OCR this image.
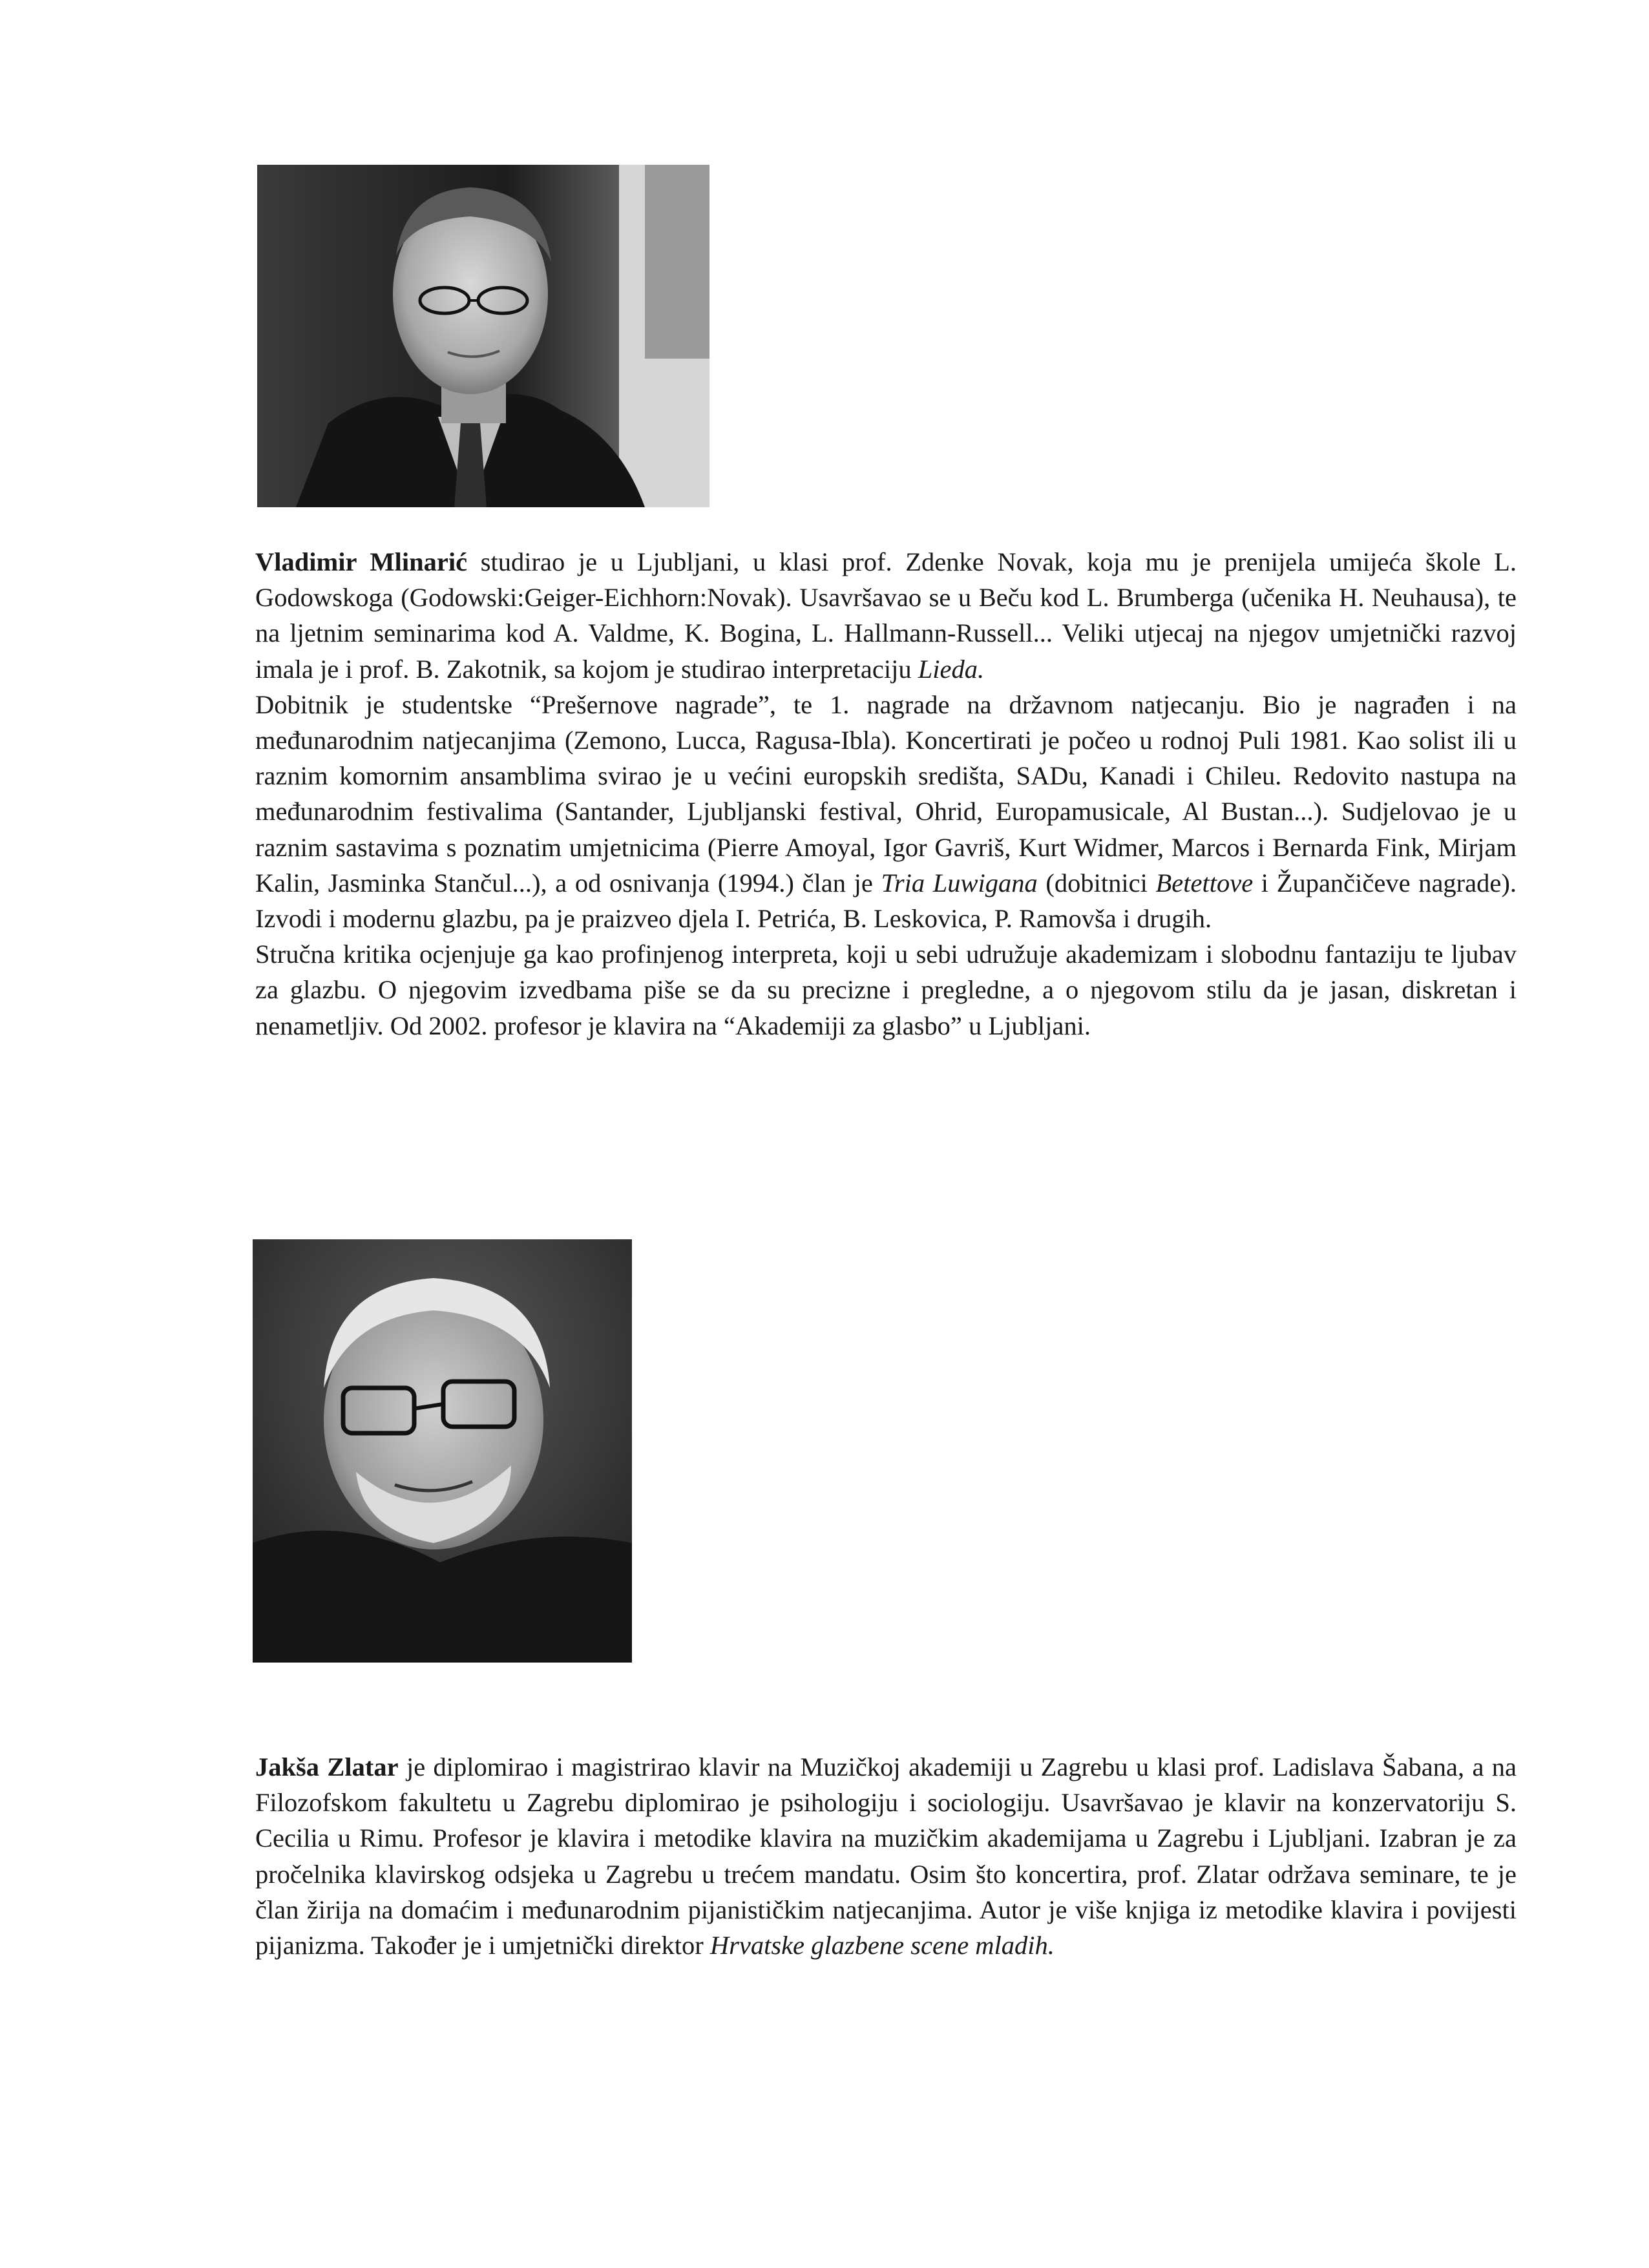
Vladimir Mlinarić studirao je u Ljubljani, u klasi prof. Zdenke Novak, koja mu je prenijela umijeća škole L. Godowskoga (Godowski:Geiger-Eichhorn:Novak). Usavršavao se u Beču kod L. Brumberga (učenika H. Neuhausa), te na ljetnim seminarima kod A. Valdme, K. Bogina, L. Hallmann-Russell... Veliki utjecaj na njegov umjetnički razvoj imala je i prof. B. Zakotnik, sa kojom je studirao interpretaciju Lieda.

Dobitnik je studentske “Prešernove nagrade”, te 1. nagrade na državnom natjecanju. Bio je nagrađen i na međunarodnim natjecanjima (Zemono, Lucca, Ragusa-Ibla). Koncertirati je počeo u rodnoj Puli 1981. Kao solist ili u raznim komornim ansamblima svirao je u većini europskih središta, SADu, Kanadi i Chileu. Redovito nastupa na međunarodnim festivalima (Santander, Ljubljanski festival, Ohrid, Europamusicale, Al Bustan...). Sudjelovao je u raznim sastavima s poznatim umjetnicima (Pierre Amoyal, Igor Gavriš, Kurt Widmer, Marcos i Bernarda Fink, Mirjam Kalin, Jasminka Stančul...), a od osnivanja (1994.) član je Tria Luwigana (dobitnici Betettove i Župančičeve nagrade). Izvodi i modernu glazbu, pa je praizveo djela I. Petrića, B. Leskovica, P. Ramovša i drugih.

Stručna kritika ocjenjuje ga kao profinjenog interpreta, koji u sebi udružuje akademizam i slobodnu fantaziju te ljubav za glazbu. O njegovim izvedbama piše se da su precizne i pregledne, a o njegovom stilu da je jasan, diskretan i nenametljiv. Od 2002. profesor je klavira na “Akademiji za glasbo” u Ljubljani.

Jakša Zlatar je diplomirao i magistrirao klavir na Muzičkoj akademiji u Zagrebu u klasi prof. Ladislava Šabana, a na Filozofskom fakultetu u Zagrebu diplomirao je psihologiju i sociologiju. Usavršavao je klavir na konzervatoriju S. Cecilia u Rimu. Profesor je klavira i metodike klavira na muzičkim akademijama u Zagrebu i Ljubljani. Izabran je za pročelnika klavirskog odsjeka u Zagrebu u trećem mandatu. Osim što koncertira, prof. Zlatar održava seminare, te je član žirija na domaćim i međunarodnim pijanističkim natjecanjima. Autor je više knjiga iz metodike klavira i povijesti pijanizma. Također je i umjetnički direktor Hrvatske glazbene scene mladih.
